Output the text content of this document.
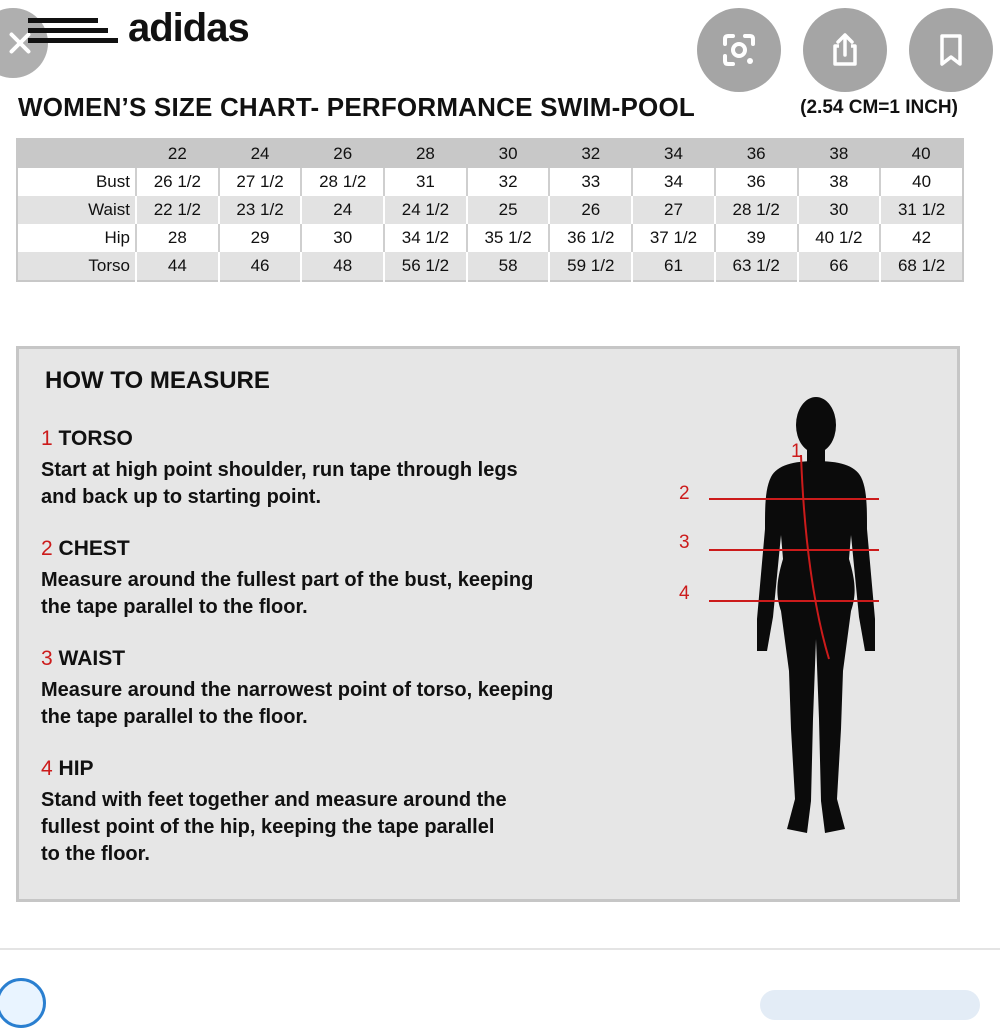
adidas
WOMEN’S SIZE CHART- PERFORMANCE SWIM-POOL	(2.54 CM=1 INCH)
	22	24	26	28	30	32	34	36	38	40
Bust	26 1/2	27 1/2	28 1/2	31	32	33	34	36	38	40
Waist	22 1/2	23 1/2	24	24 1/2	25	26	27	28 1/2	30	31 1/2
Hip	28	29	30	34 1/2	35 1/2	36 1/2	37 1/2	39	40 1/2	42
Torso	44	46	48	56 1/2	58	59 1/2	61	63 1/2	66	68 1/2
HOW TO MEASURE
1 TORSO
Start at high point shoulder, run tape through legs
and back up to starting point.
2 CHEST
Measure around the fullest part of the bust, keeping
the tape parallel to the floor.
3 WAIST
Measure around the narrowest point of torso, keeping
the tape parallel to the floor.
4 HIP
Stand with feet together and measure around the
fullest point of the hip, keeping the tape parallel
to the floor.
1
2
3
4
